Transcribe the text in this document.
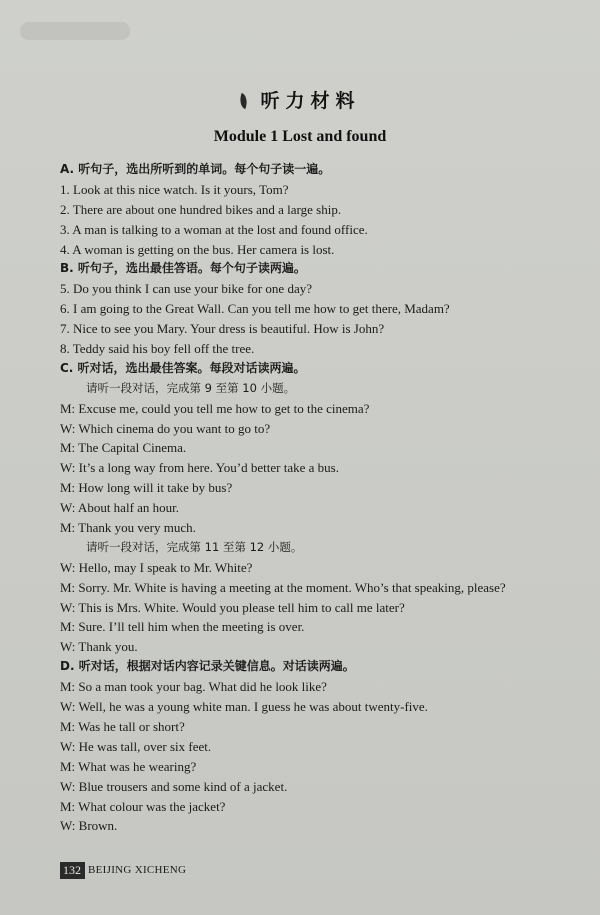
听力材料
Module 1 Lost and found
A. 听句子，选出所听到的单词。每个句子读一遍。
1. Look at this nice watch. Is it yours, Tom?
2. There are about one hundred bikes and a large ship.
3. A man is talking to a woman at the lost and found office.
4. A woman is getting on the bus. Her camera is lost.
B. 听句子，选出最佳答语。每个句子读两遍。
5. Do you think I can use your bike for one day?
6. I am going to the Great Wall. Can you tell me how to get there, Madam?
7. Nice to see you Mary. Your dress is beautiful. How is John?
8. Teddy said his boy fell off the tree.
C. 听对话，选出最佳答案。每段对话读两遍。
请听一段对话，完成第 9 至第 10 小题。
M: Excuse me, could you tell me how to get to the cinema?
W: Which cinema do you want to go to?
M: The Capital Cinema.
W: It’s a long way from here. You’d better take a bus.
M: How long will it take by bus?
W: About half an hour.
M: Thank you very much.
请听一段对话，完成第 11 至第 12 小题。
W: Hello, may I speak to Mr. White?
M: Sorry. Mr. White is having a meeting at the moment. Who’s that speaking, please?
W: This is Mrs. White. Would you please tell him to call me later?
M: Sure. I’ll tell him when the meeting is over.
W: Thank you.
D. 听对话，根据对话内容记录关键信息。对话读两遍。
M: So a man took your bag. What did he look like?
W: Well, he was a young white man. I guess he was about twenty-five.
M: Was he tall or short?
W: He was tall, over six feet.
M: What was he wearing?
W: Blue trousers and some kind of a jacket.
M: What colour was the jacket?
W: Brown.
132 BEIJING XICHENG
